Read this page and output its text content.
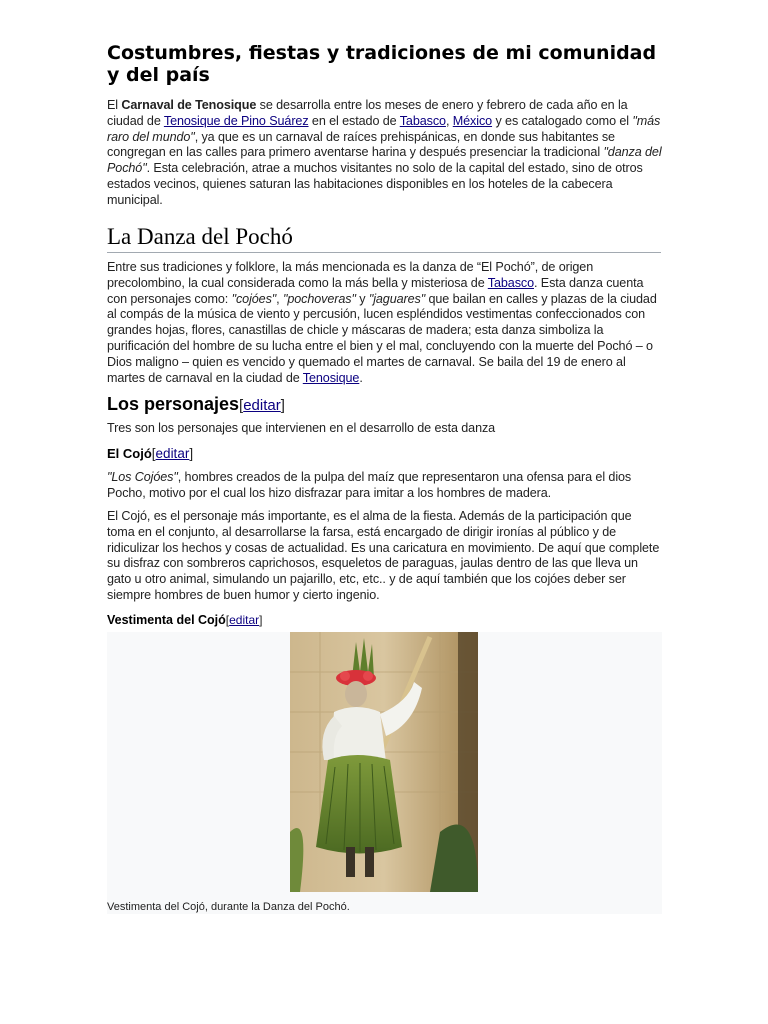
Costumbres, fiestas y tradiciones de mi comunidad y del país

El Carnaval de Tenosique se desarrolla entre los meses de enero y febrero de cada año en la ciudad de Tenosique de Pino Suárez en el estado de Tabasco, México y es catalogado como el "más raro del mundo", ya que es un carnaval de raíces prehispánicas, en donde sus habitantes se congregan en las calles para primero aventarse harina y después presenciar la tradicional "danza del Pochó". Esta celebración, atrae a muchos visitantes no solo de la capital del estado, sino de otros estados vecinos, quienes saturan las habitaciones disponibles en los hoteles de la cabecera municipal.

La Danza del Pochó

Entre sus tradiciones y folklore, la más mencionada es la danza de “El Pochó”, de origen precolombino, la cual considerada como la más bella y misteriosa de Tabasco. Esta danza cuenta con personajes como: "cojóes", "pochoveras" y "jaguares" que bailan en calles y plazas de la ciudad al compás de la música de viento y percusión, lucen espléndidos vestimentas confeccionados con grandes hojas, flores, canastillas de chicle y máscaras de madera; esta danza simboliza la purificación del hombre de su lucha entre el bien y el mal, concluyendo con la muerte del Pochó – o Dios maligno – quien es vencido y quemado el martes de carnaval. Se baila del 19 de enero al martes de carnaval en la ciudad de Tenosique.

Los personajes[editar]

Tres son los personajes que intervienen en el desarrollo de esta danza

El Cojó[editar]

"Los Cojóes", hombres creados de la pulpa del maíz que representaron una ofensa para el dios Pocho, motivo por el cual los hizo disfrazar para imitar a los hombres de madera.

El Cojó, es el personaje más importante, es el alma de la fiesta. Además de la participación que toma en el conjunto, al desarrollarse la farsa, está encargado de dirigir ironías al público y de ridiculizar los hechos y cosas de actualidad. Es una caricatura en movimiento. De aquí que complete su disfraz con sombreros caprichosos, esqueletos de paraguas, jaulas dentro de las que lleva un gato u otro animal, simulando un pajarillo, etc, etc.. y de aquí también que los cojóes deber ser siempre hombres de buen humor y cierto ingenio.

Vestimenta del Cojó[editar]
Vestimenta del Cojó, durante la Danza del Pochó.
